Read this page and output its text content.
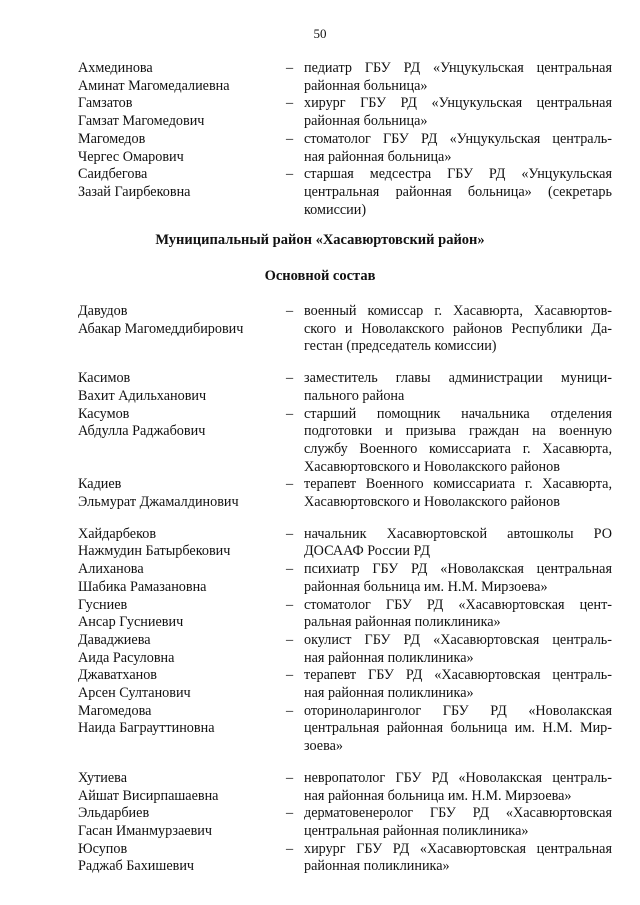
50
Ахмединова
Аминат Магомедалиевна
– педиатр ГБУ РД «Унцукульская центральная
районная больница»
Гамзатов
Гамзат Магомедович
– хирург ГБУ РД «Унцукульская центральная
районная больница»
Магомедов
Чергес Омарович
– стоматолог ГБУ РД «Унцукульская централь-
ная районная больница»
Саидбегова
Зазай Гаирбековна
– старшая медсестра ГБУ РД «Унцукульская
центральная районная больница» (секретарь
комиссии)
Муниципальный район «Хасавюртовский район»
Основной состав
Давудов
Абакар Магомеддибирович
– военный комиссар г. Хасавюрта, Хасавюртов-
ского и Новолакского районов Республики Да-
гестан (председатель комиссии)
Касимов
Вахит Адильханович
– заместитель главы администрации муници-
пального района
Касумов
Абдулла Раджабович
– старший помощник начальника отделения
подготовки и призыва граждан на военную
службу Военного комиссариата г. Хасавюрта,
Хасавюртовского и Новолакского районов
Кадиев
Эльмурат Джамалдинович
– терапевт Военного комиссариата г. Хасавюрта,
Хасавюртовского и Новолакского районов
Хайдарбеков
Нажмудин Батырбекович
– начальник Хасавюртовской автошколы РО
ДОСААФ России РД
Алиханова
Шабика Рамазановна
– психиатр ГБУ РД «Новолакская центральная
районная больница им. Н.М. Мирзоева»
Гусниев
Ансар Гусниевич
– стоматолог ГБУ РД «Хасавюртовская цент-
ральная районная поликлиника»
Даваджиева
Аида Расуловна
– окулист ГБУ РД «Хасавюртовская централь-
ная районная поликлиника»
Джаватханов
Арсен Султанович
– терапевт ГБУ РД «Хасавюртовская централь-
ная районная поликлиника»
Магомедова
Наида Баграуттиновна
– оториноларинголог ГБУ РД «Новолакская
центральная районная больница им. Н.М. Мир-
зоева»
Хутиева
Айшат Висирпашаевна
– невропатолог ГБУ РД «Новолакская централь-
ная районная больница им. Н.М. Мирзоева»
Эльдарбиев
Гасан Иманмурзаевич
– дерматовенеролог ГБУ РД «Хасавюртовская
центральная районная поликлиника»
Юсупов
Раджаб Бахишевич
– хирург ГБУ РД «Хасавюртовская центральная
районная поликлиника»
